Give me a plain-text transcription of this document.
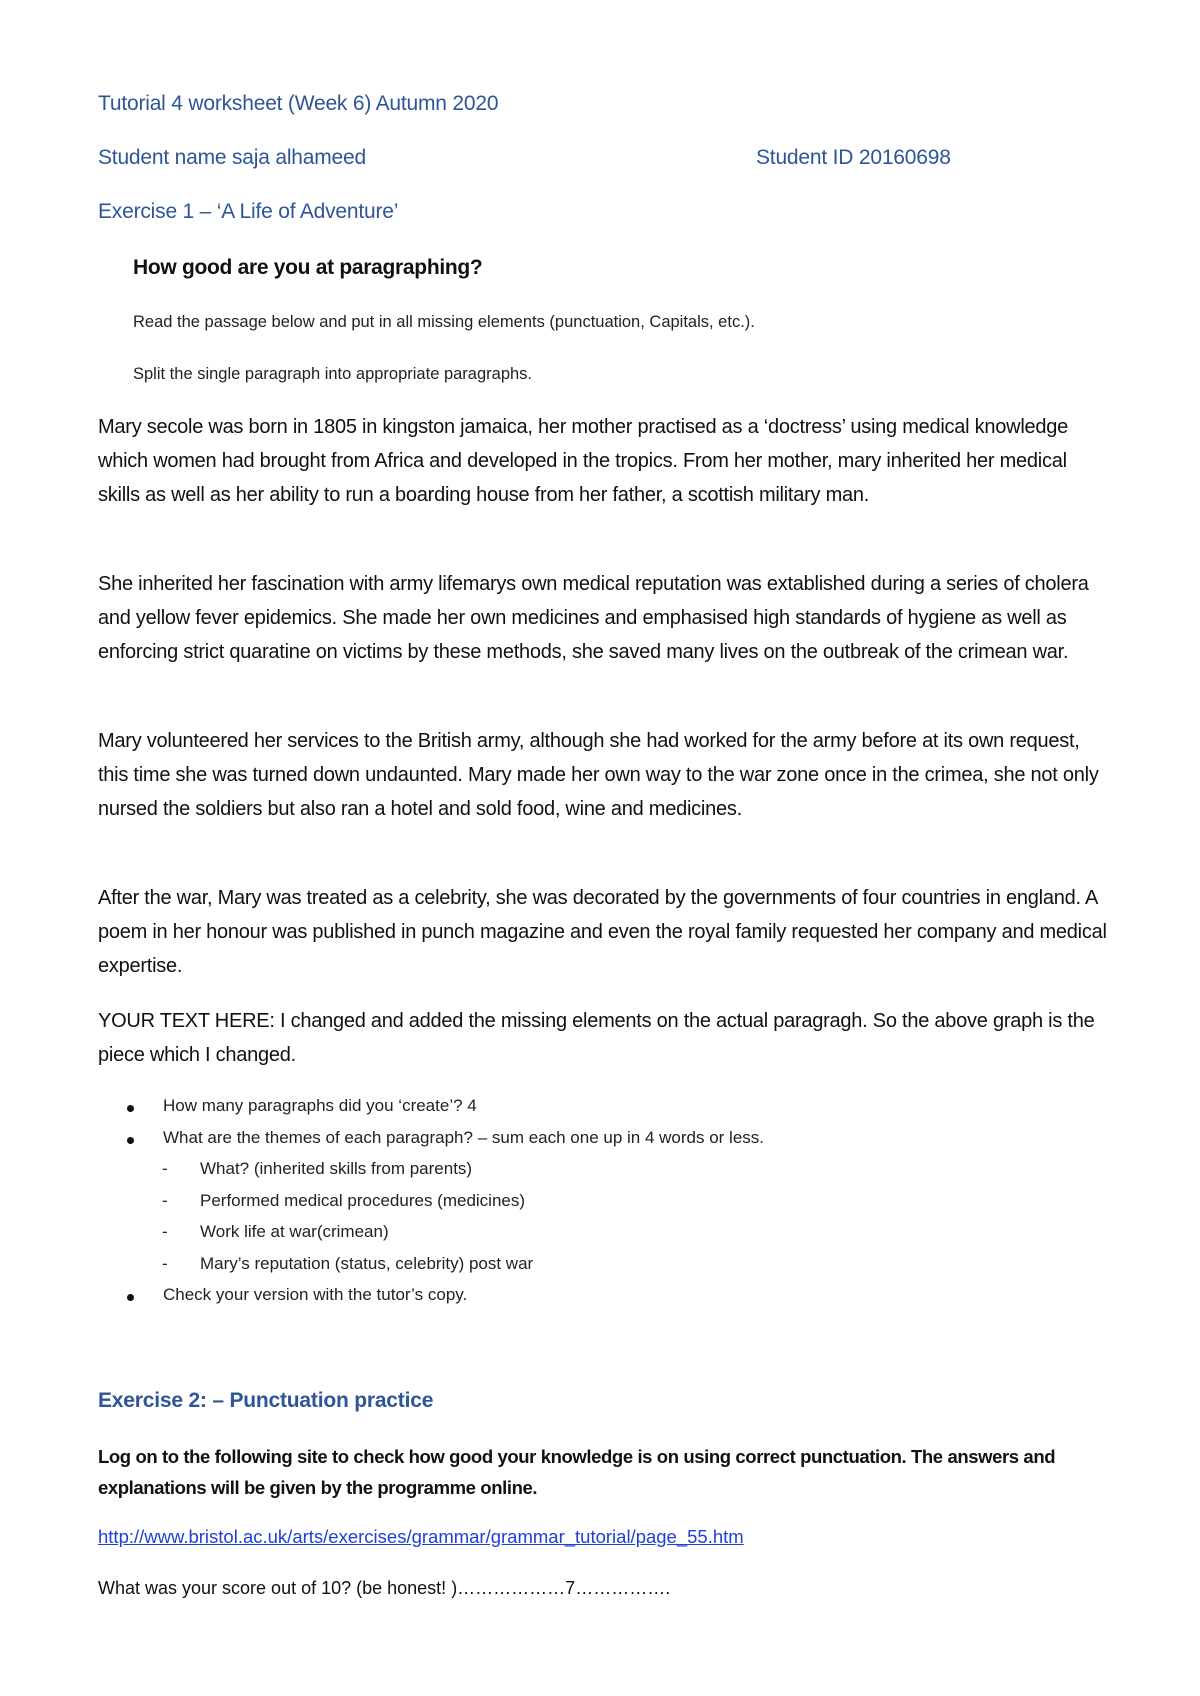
Tutorial 4 worksheet (Week 6) Autumn 2020
Student name saja alhameed	Student ID 20160698
Exercise 1 – ‘A Life of Adventure’
How good are you at paragraphing?
Read the passage below and put in all missing elements (punctuation, Capitals, etc.).
Split the single paragraph into appropriate paragraphs.

Mary secole was born in 1805 in kingston jamaica, her mother practised as a ‘doctress’ using medical knowledge which women had brought from Africa and developed in the tropics. From her mother, mary inherited her medical skills as well as her ability to run a boarding house from her father, a scottish military man.

She inherited her fascination with army lifemarys own medical reputation was extablished during a series of cholera and yellow fever epidemics. She made her own medicines and emphasised high standards of hygiene as well as enforcing strict quaratine on victims by these methods, she saved many lives on the outbreak of the crimean war.

Mary volunteered her services to the British army, although she had worked for the army before at its own request, this time she was turned down undaunted. Mary made her own way to the war zone once in the crimea, she not only nursed the soldiers but also ran a hotel and sold food, wine and medicines.

After the war, Mary was treated as a celebrity, she was decorated by the governments of four countries in england. A poem in her honour was published in punch magazine and even the royal family requested her company and medical expertise.

YOUR TEXT HERE: I changed and added the missing elements on the actual paragragh. So the above graph is the piece which I changed.

How many paragraphs did you ‘create’? 4
What are the themes of each paragraph? – sum each one up in 4 words or less.
- What? (inherited skills from parents)
- Performed medical procedures (medicines)
- Work life at war(crimean)
- Mary’s reputation (status, celebrity) post war
Check your version with the tutor’s copy.
Exercise 2: – Punctuation practice

Log on to the following site to check how good your knowledge is on using correct punctuation. The answers and explanations will be given by the programme online.

http://www.bristol.ac.uk/arts/exercises/grammar/grammar_tutorial/page_55.htm
What was your score out of 10? (be honest! )………………7…………….
